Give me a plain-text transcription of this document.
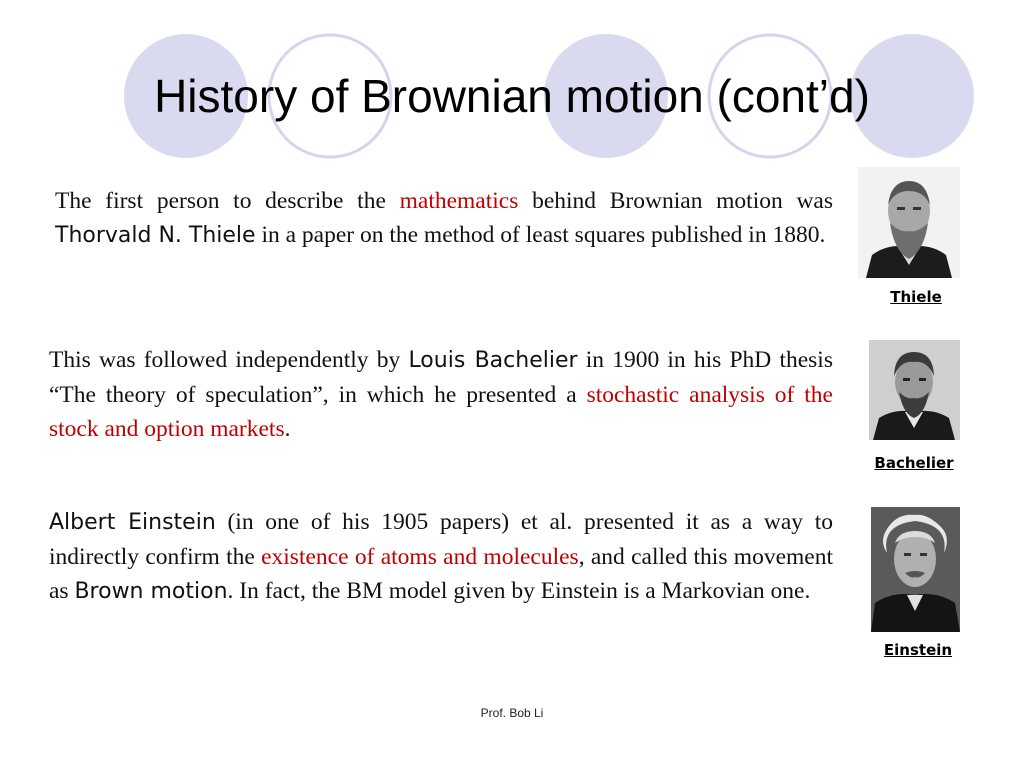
History of Brownian motion (cont’d)
The first person to describe the mathematics behind Brownian motion was Thorvald N. Thiele in a paper on the method of least squares published in 1880.
This was followed independently by Louis Bachelier in 1900 in his PhD thesis “The theory of speculation”, in which he presented a stochastic analysis of the stock and option markets.
Albert Einstein (in one of his 1905 papers) et al. presented it as a way to indirectly confirm the existence of atoms and molecules, and called this movement as Brown motion. In fact, the BM model given by Einstein is a Markovian one.
Thiele
Bachelier
Einstein
Prof. Bob Li
